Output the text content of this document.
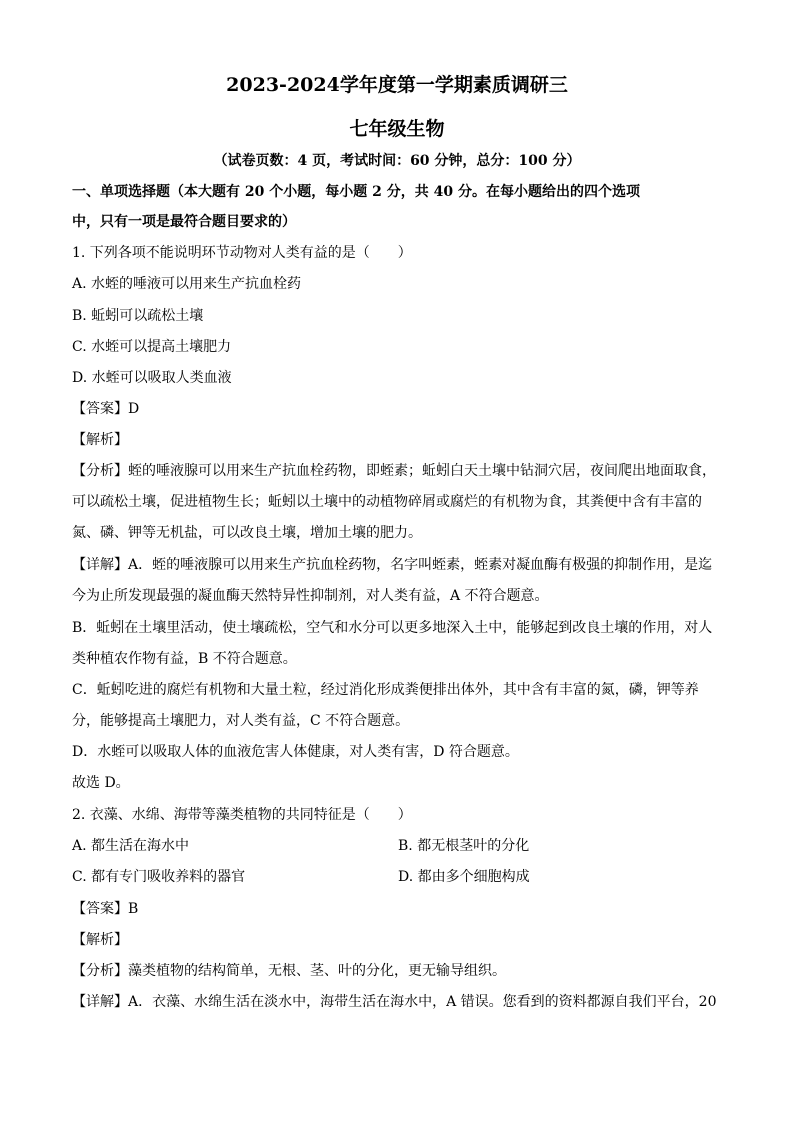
2023-2024学年度第一学期素质调研三
七年级生物
（试卷页数：4 页，考试时间：60 分钟，总分：100 分）
一、单项选择题（本大题有 20 个小题，每小题 2 分，共 40 分。在每小题给出的四个选项
中，只有一项是最符合题目要求的）
1. 下列各项不能说明环节动物对人类有益的是（　　）
A. 水蛭的唾液可以用来生产抗血栓药
B. 蚯蚓可以疏松土壤
C. 水蛭可以提高土壤肥力
D. 水蛭可以吸取人类血液
【答案】D
【解析】
【分析】蛭的唾液腺可以用来生产抗血栓药物，即蛭素；蚯蚓白天土壤中钻洞穴居，夜间爬出地面取食，
可以疏松土壤，促进植物生长；蚯蚓以土壤中的动植物碎屑或腐烂的有机物为食，其粪便中含有丰富的
氮、磷、钾等无机盐，可以改良土壤，增加土壤的肥力。
【详解】A．蛭的唾液腺可以用来生产抗血栓药物，名字叫蛭素，蛭素对凝血酶有极强的抑制作用，是迄
今为止所发现最强的凝血酶天然特异性抑制剂，对人类有益，A 不符合题意。
B．蚯蚓在土壤里活动，使土壤疏松，空气和水分可以更多地深入土中，能够起到改良土壤的作用，对人
类种植农作物有益，B 不符合题意。
C．蚯蚓吃进的腐烂有机物和大量土粒，经过消化形成粪便排出体外，其中含有丰富的氮，磷，钾等养
分，能够提高土壤肥力，对人类有益，C 不符合题意。
D．水蛭可以吸取人体的血液危害人体健康，对人类有害，D 符合题意。
故选 D。
2. 衣藻、水绵、海带等藻类植物的共同特征是（　　）
A. 都生活在海水中	B. 都无根茎叶的分化
C. 都有专门吸收养料的器官	D. 都由多个细胞构成
【答案】B
【解析】
【分析】藻类植物的结构简单，无根、茎、叶的分化，更无输导组织。
【详解】A．衣藻、水绵生活在淡水中，海带生活在海水中，A 错误。您看到的资料都源自我们平台，20
